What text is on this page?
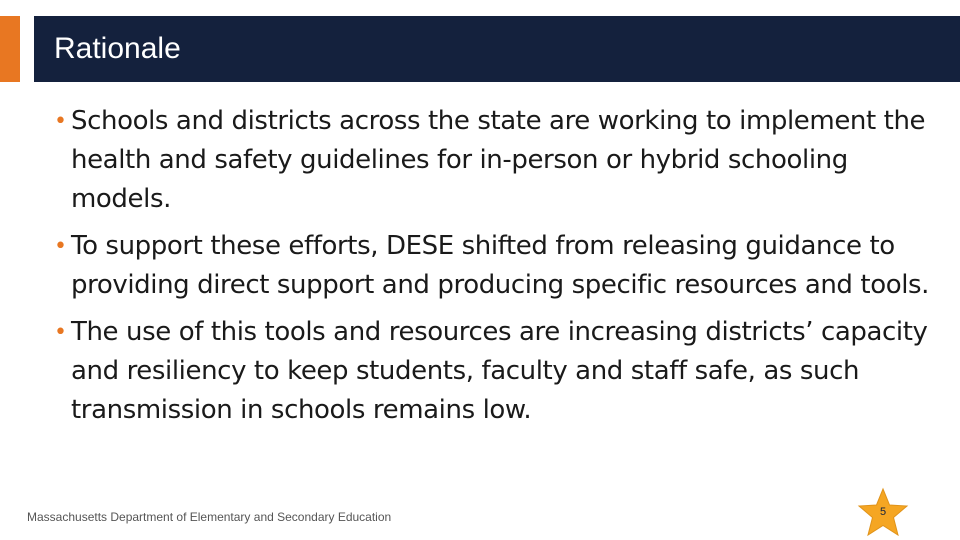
Rationale
• Schools and districts across the state are working to implement the health and safety guidelines for in-person or hybrid schooling models.
• To support these efforts, DESE shifted from releasing guidance to providing direct support and producing specific resources and tools.
• The use of this tools and resources are increasing districts’ capacity and resiliency to keep students, faculty and staff safe, as such transmission in schools remains low.
Massachusetts Department of Elementary and Secondary Education	5
